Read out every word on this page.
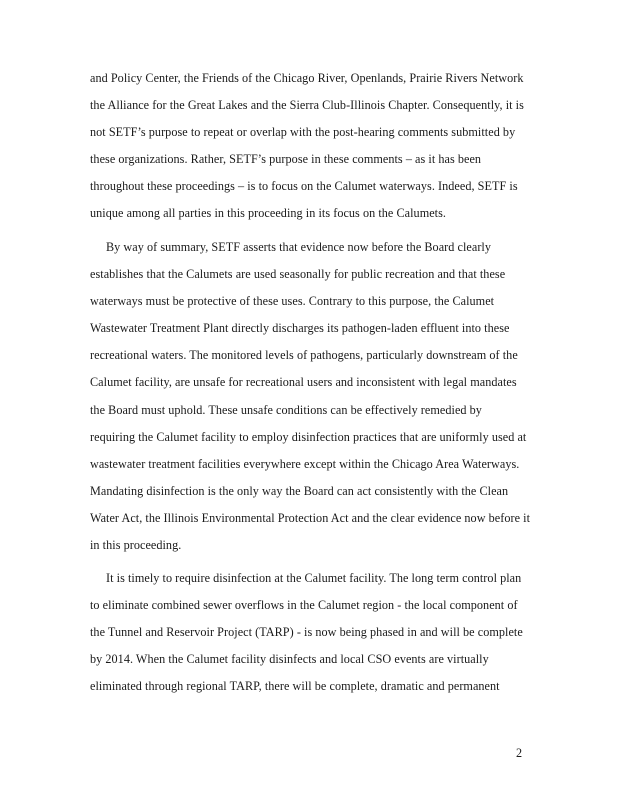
and Policy Center, the Friends of the Chicago River, Openlands, Prairie Rivers Network
the Alliance for the Great Lakes and the Sierra Club-Illinois Chapter. Consequently, it is
not SETF’s purpose to repeat or overlap with the post-hearing comments submitted by
these organizations. Rather, SETF’s purpose in these comments – as it has been
throughout these proceedings – is to focus on the Calumet waterways. Indeed, SETF is
unique among all parties in this proceeding in its focus on the Calumets.
By way of summary, SETF asserts that evidence now before the Board clearly
establishes that the Calumets are used seasonally for public recreation and that these
waterways must be protective of these uses. Contrary to this purpose, the Calumet
Wastewater Treatment Plant directly discharges its pathogen-laden effluent into these
recreational waters. The monitored levels of pathogens, particularly downstream of the
Calumet facility, are unsafe for recreational users and inconsistent with legal mandates
the Board must uphold. These unsafe conditions can be effectively remedied by
requiring the Calumet facility to employ disinfection practices that are uniformly used at
wastewater treatment facilities everywhere except within the Chicago Area Waterways.
Mandating disinfection is the only way the Board can act consistently with the Clean
Water Act, the Illinois Environmental Protection Act and the clear evidence now before it
in this proceeding.
It is timely to require disinfection at the Calumet facility. The long term control plan
to eliminate combined sewer overflows in the Calumet region - the local component of
the Tunnel and Reservoir Project (TARP) - is now being phased in and will be complete
by 2014. When the Calumet facility disinfects and local CSO events are virtually
eliminated through regional TARP, there will be complete, dramatic and permanent
2
